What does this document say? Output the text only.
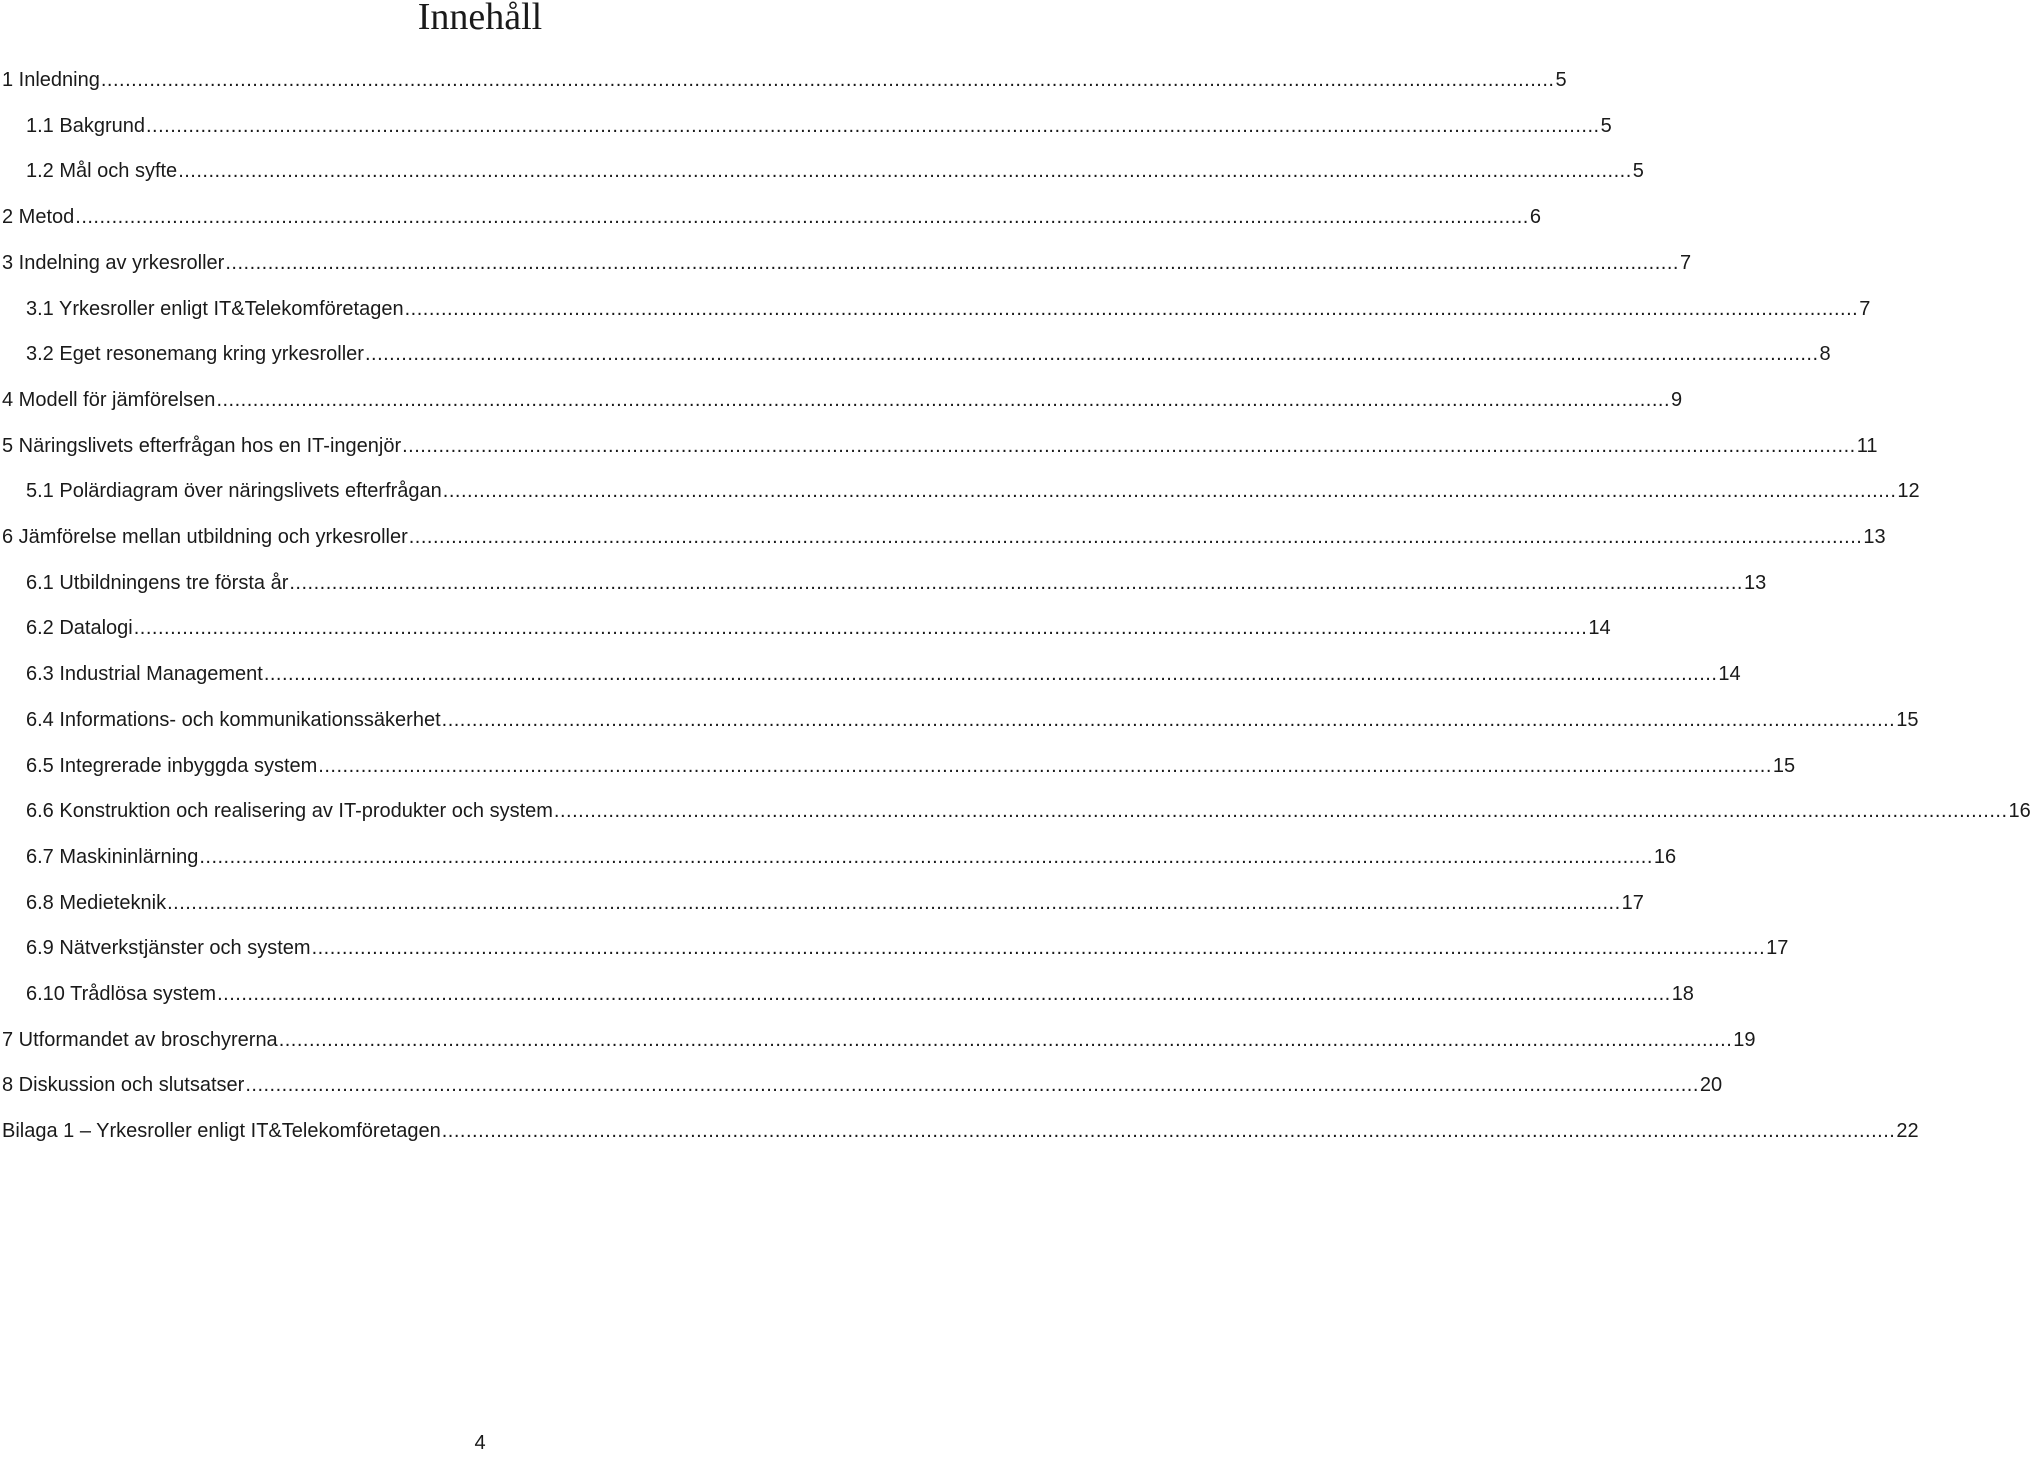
Innehåll
1 Inledning .....	5
1.1 Bakgrund .....	5
1.2 Mål och syfte .....	5
2 Metod .....	6
3 Indelning av yrkesroller .....	7
3.1 Yrkesroller enligt IT&Telekomföretagen .....	7
3.2 Eget resonemang kring yrkesroller .....	8
4 Modell för jämförelsen .....	9
5 Näringslivets efterfrågan hos en IT-ingenjör .....	11
5.1 Polärdiagram över näringslivets efterfrågan .....	12
6 Jämförelse mellan utbildning och yrkesroller .....	13
6.1 Utbildningens tre första år .....	13
6.2 Datalogi .....	14
6.3 Industrial Management .....	14
6.4 Informations- och kommunikationssäkerhet .....	15
6.5 Integrerade inbyggda system .....	15
6.6 Konstruktion och realisering av IT-produkter och system .....	16
6.7 Maskininlärning .....	16
6.8 Medieteknik .....	17
6.9 Nätverkstjänster och system .....	17
6.10 Trådlösa system .....	18
7 Utformandet av broschyrerna .....	19
8 Diskussion och slutsatser .....	20
Bilaga 1 – Yrkesroller enligt IT&Telekomföretagen .....	22
4
